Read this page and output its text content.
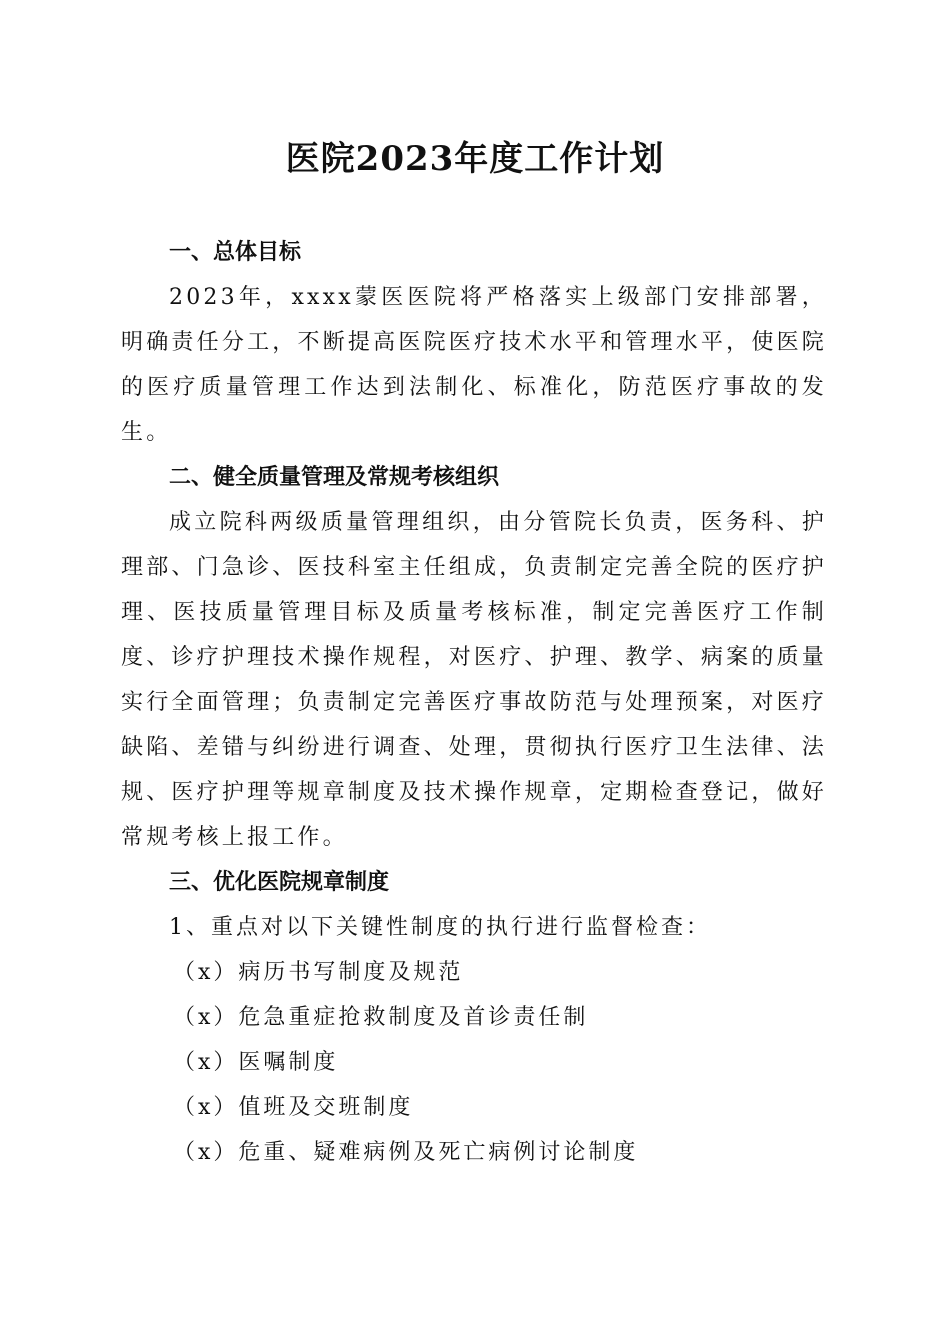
医院2023年度工作计划

一、总体目标

2023年，xxxx蒙医医院将严格落实上级部门安排部署，明确责任分工，不断提高医院医疗技术水平和管理水平，使医院的医疗质量管理工作达到法制化、标准化，防范医疗事故的发生。

二、健全质量管理及常规考核组织

成立院科两级质量管理组织，由分管院长负责，医务科、护理部、门急诊、医技科室主任组成，负责制定完善全院的医疗护理、医技质量管理目标及质量考核标准，制定完善医疗工作制度、诊疗护理技术操作规程，对医疗、护理、教学、病案的质量实行全面管理；负责制定完善医疗事故防范与处理预案，对医疗缺陷、差错与纠纷进行调查、处理，贯彻执行医疗卫生法律、法规、医疗护理等规章制度及技术操作规章，定期检查登记，做好常规考核上报工作。

三、优化医院规章制度

1、重点对以下关键性制度的执行进行监督检查：

（x）病历书写制度及规范

（x）危急重症抢救制度及首诊责任制

（x）医嘱制度

（x）值班及交班制度

（x）危重、疑难病例及死亡病例讨论制度
